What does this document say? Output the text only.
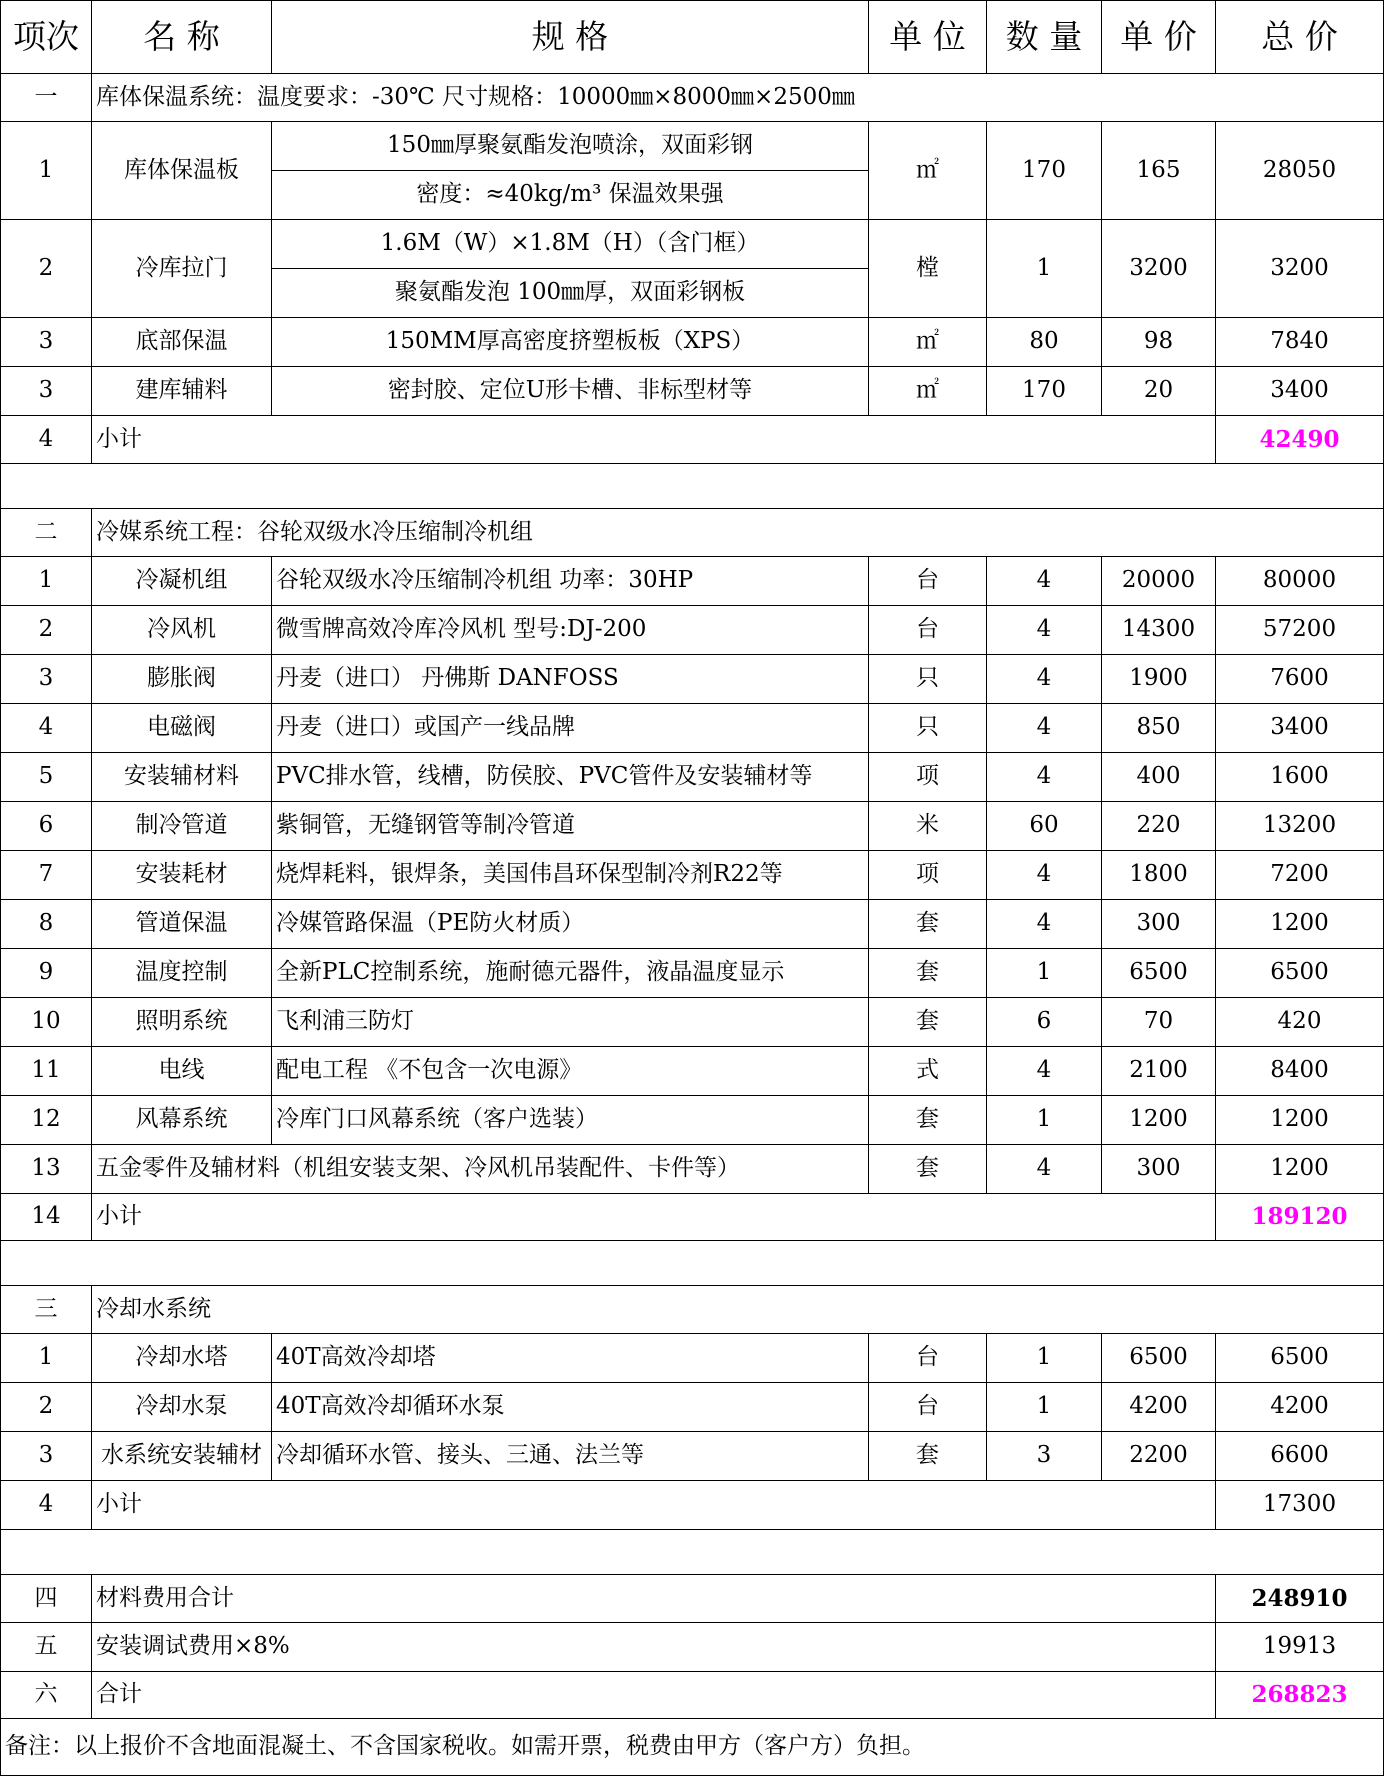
项次	名 称	规 格	单 位	数 量	单 价	总 价
一	库体保温系统：温度要求：-30℃ 尺寸规格：10000㎜×8000㎜×2500㎜					
1	库体保温板	150㎜厚聚氨酯发泡喷涂，双面彩钢	㎡	170	165	28050
		密度：≈40kg/m³ 保温效果强				
2	冷库拉门	1.6M（W）×1.8M（H）（含门框）	樘	1	3200	3200
		聚氨酯发泡 100㎜厚，双面彩钢板				
3	底部保温	150MM厚高密度挤塑板板（XPS）	㎡	80	98	7840
3	建库辅料	密封胶、定位U形卡槽、非标型材等	㎡	170	20	3400
4	小计					42490

二	冷媒系统工程：谷轮双级水冷压缩制冷机组					
1	冷凝机组	谷轮双级水冷压缩制冷机组 功率：30HP	台	4	20000	80000
2	冷风机	微雪牌高效冷库冷风机 型号:DJ-200	台	4	14300	57200
3	膨胀阀	丹麦（进口） 丹佛斯 DANFOSS	只	4	1900	7600
4	电磁阀	丹麦（进口）或国产一线品牌	只	4	850	3400
5	安装辅材料	PVC排水管，线槽，防侯胶、PVC管件及安装辅材等	项	4	400	1600
6	制冷管道	紫铜管，无缝钢管等制冷管道	米	60	220	13200
7	安装耗材	烧焊耗料，银焊条，美国伟昌环保型制冷剂R22等	项	4	1800	7200
8	管道保温	冷媒管路保温（PE防火材质）	套	4	300	1200
9	温度控制	全新PLC控制系统，施耐德元器件，液晶温度显示	套	1	6500	6500
10	照明系统	飞利浦三防灯	套	6	70	420
11	电线	配电工程 《不包含一次电源》	式	4	2100	8400
12	风幕系统	冷库门口风幕系统（客户选装）	套	1	1200	1200
13	五金零件及辅材料（机组安装支架、冷风机吊装配件、卡件等）		套	4	300	1200
14	小计					189120

三	冷却水系统					
1	冷却水塔	40T高效冷却塔	台	1	6500	6500
2	冷却水泵	40T高效冷却循环水泵	台	1	4200	4200
3	水系统安装辅材	冷却循环水管、接头、三通、法兰等	套	3	2200	6600
4	小计					17300

四	材料费用合计					248910
五	安装调试费用×8%					19913
六	合计					268823
备注：以上报价不含地面混凝土、不含国家税收。如需开票，税费由甲方（客户方）负担。						
